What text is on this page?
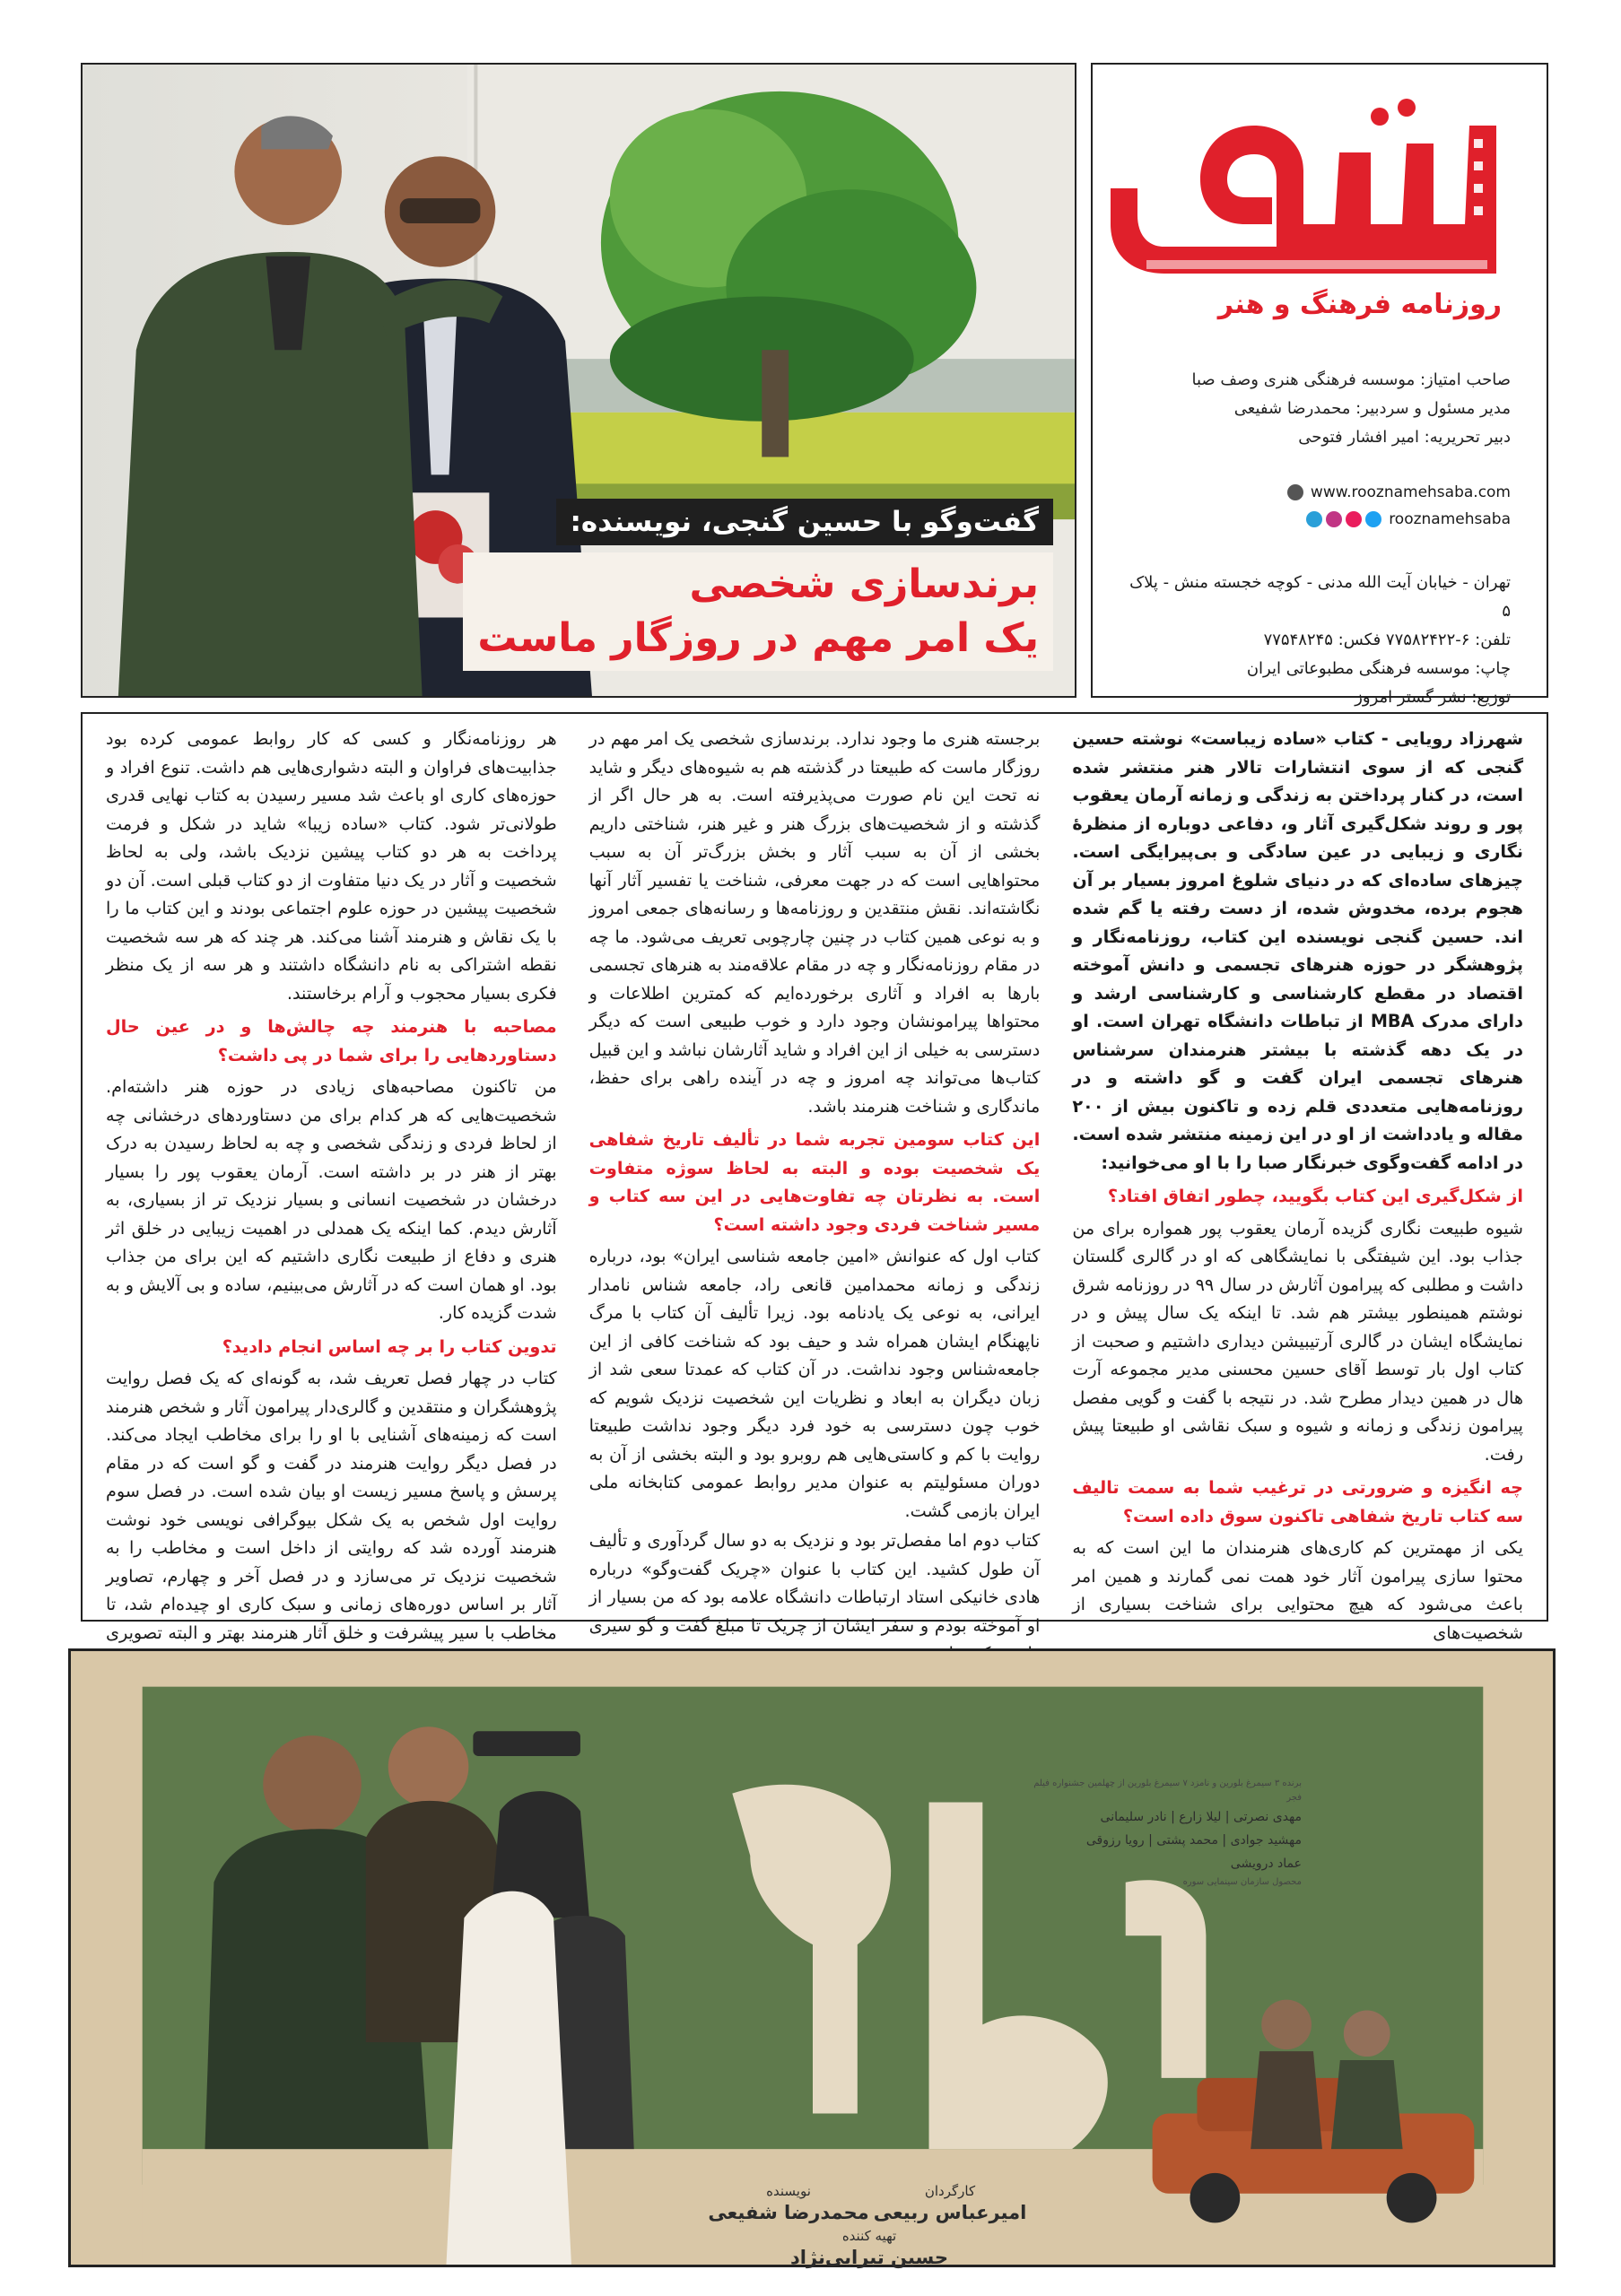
روزنامه فرهنگ و هنر
صاحب امتیاز: موسسه فرهنگی هنری وصف صبا
مدیر مسئول و سردبیر: محمدرضا شفیعی
دبیر تحریریه: امیر افشار فتوحی
www.rooznamehsaba.com
rooznamehsaba
تهران - خیابان آیت الله مدنی - کوچه خجسته منش - پلاک ۵
تلفن: ۶-۷۷۵۸۲۴۲۲ فکس: ۷۷۵۴۸۲۴۵
چاپ: موسسه فرهنگی مطبوعاتی ایران
توزیع: نشر گستر امروز
گفت‌وگو با حسین گنجی، نویسنده:
برندسازی شخصی
یک امر مهم در روزگار ماست

شهرزاد رویایی - کتاب «ساده زیباست» نوشته حسین گنجی که از سوی انتشارات تالار هنر منتشر شده است، در کنار پرداختن به زندگی و زمانه آرمان یعقوب پور و روند شکل‌گیری آثار و، دفاعی دوباره از منظرهٔ نگاری و زیبایی در عین سادگی و بی‌پیرایگی است. چیزهای ساده‌ای که در دنیای شلوغ امروز بسیار بر آن هجوم برده، مخدوش شده، از دست رفته یا گم شده اند. حسین گنجی نویسنده این کتاب، روزنامه‌نگار و پژوهشگر در حوزه هنرهای تجسمی و دانش آموخته اقتصاد در مقطع کارشناسی و کارشناسی ارشد و دارای مدرک MBA از تباطات دانشگاه تهران است. او در یک دهه گذشته با بیشتر هنرمندان سرشناس هنرهای تجسمی ایران گفت و گو داشته و در روزنامه‌هایی متعددی قلم زده و تاکنون بیش از ۲۰۰ مقاله و یادداشت از او در این زمینه منتشر شده است. در ادامه گفت‌وگوی خبرنگار صبا را با او می‌خوانید:

از شکل‌گیری این کتاب بگویید، چطور اتفاق افتاد؟

شیوه طبیعت نگاری گزیده آرمان یعقوب پور همواره برای من جذاب بود. این شیفتگی با نمایشگاهی که او در گالری گلستان داشت و مطلبی که پیرامون آثارش در سال ۹۹ در روزنامه شرق نوشتم همینطور بیشتر هم شد. تا اینکه یک سال پیش و در نمایشگاه ایشان در گالری آرتیبیشن دیداری داشتیم و صحبت از کتاب اول بار توسط آقای حسین محسنی مدیر مجموعه آرت هال در همین دیدار مطرح شد. در نتیجه با گفت و گویی مفصل پیرامون زندگی و زمانه و شیوه و سبک نقاشی او طبیعتا پیش رفت.

چه انگیزه و ضرورتی در ترغیب شما به سمت تالیف سه کتاب تاریخ شفاهی تاکنون سوق داده است؟

یکی از مهمترین کم کاری‌های هنرمندان ما این است که به محتوا سازی پیرامون آثار خود همت نمی گمارند و همین امر باعث می‌شود که هیچ محتوایی برای شناخت بسیاری از شخصیت‌های

برجسته هنری ما وجود ندارد. برندسازی شخصی یک امر مهم در روزگار ماست که طبیعتا در گذشته هم به شیوه‌های دیگر و شاید نه تحت این نام صورت می‌پذیرفته است. به هر حال اگر از گذشته و از شخصیت‌های بزرگ هنر و غیر هنر، شناختی داریم بخشی از آن به سبب آثار و بخش بزرگ‌تر آن به سبب محتواهایی است که در جهت معرفی، شناخت یا تفسیر آثار آنها نگاشته‌اند. نقش منتقدین و روزنامه‌ها و رسانه‌های جمعی امروز و به نوعی همین کتاب در چنین چارچوبی تعریف می‌شود. ما چه در مقام روزنامه‌نگار و چه در مقام علاقه‌مند به هنرهای تجسمی بارها به افراد و آثاری برخورده‌ایم که کمترین اطلاعات و محتواها پیرامونشان وجود دارد و خوب طبیعی است که دیگر دسترسی به خیلی از این افراد و شاید آثارشان نباشد و این قبیل کتاب‌ها می‌تواند چه امروز و چه در آینده راهی برای حفظ، ماندگاری و شناخت هنرمند باشد.

این کتاب سومین تجربه شما در تألیف تاریخ شفاهی یک شخصیت بوده و البته به لحاظ سوژه متفاوت است. به نظرتان چه تفاوت‌هایی در این سه کتاب و مسیر شناخت فردی وجود داشته است؟

کتاب اول که عنوانش «امین جامعه شناسی ایران» بود، درباره زندگی و زمانه محمدامین قانعی راد، جامعه شناس نامدار ایرانی، به نوعی یک یادنامه بود. زیرا تألیف آن کتاب با مرگ ناپهنگام ایشان همراه شد و حیف بود که شناخت کافی از این جامعه‌شناس وجود نداشت. در آن کتاب که عمدتا سعی شد از زبان دیگران به ابعاد و نظریات این شخصیت نزدیک شویم که خوب چون دسترسی به خود فرد دیگر وجود نداشت طبیعتا روایت با کم و کاستی‌هایی هم روبرو بود و البته بخشی از آن به دوران مسئولیتم به عنوان مدیر روابط عمومی کتابخانه ملی ایران بازمی گشت.

کتاب دوم اما مفصل‌تر بود و نزدیک به دو سال گردآوری و تألیف آن طول کشید. این کتاب با عنوان «چریک گفت‌وگو» درباره هادی خانیکی استاد ارتباطات دانشگاه علامه بود که من بسیار از او آموخته بودم و سفر ایشان از چریک تا مبلغ گفت و گو سیری

هر روزنامه‌نگار و کسی که کار روابط عمومی کرده بود جذابیت‌های فراوان و البته دشواری‌هایی هم داشت. تنوع افراد و حوزه‌های کاری او باعث شد مسیر رسیدن به کتاب نهایی قدری طولانی‌تر شود. کتاب «ساده زیبا» شاید در شکل و فرمت پرداخت به هر دو کتاب پیشین نزدیک باشد، ولی به لحاظ شخصیت و آثار در یک دنیا متفاوت از دو کتاب قبلی است. آن دو شخصیت پیشین در حوزه علوم اجتماعی بودند و این کتاب ما را با یک نقاش و هنرمند آشنا می‌کند. هر چند که هر سه شخصیت نقطه اشتراکی به نام دانشگاه داشتند و هر سه از یک منظر فکری بسیار محجوب و آرام برخاستند.

مصاحبه با هنرمند چه چالش‌ها و در عین حال دستاوردهایی را برای شما در پی داشت؟

من تاکنون مصاحبه‌های زیادی در حوزه هنر داشته‌ام. شخصیت‌هایی که هر کدام برای من دستاوردهای درخشانی چه از لحاظ فردی و زندگی شخصی و چه به لحاظ رسیدن به درک بهتر از هنر در بر داشته است. آرمان یعقوب پور را بسیار درخشان در شخصیت انسانی و بسیار نزدیک تر از بسیاری، به آثارش دیدم. کما اینکه یک همدلی در اهمیت زیبایی در خلق اثر هنری و دفاع از طبیعت نگاری داشتیم که این برای من جذاب بود. او همان است که در آثارش می‌بینیم، ساده و بی آلایش و به شدت گزیده کار.

تدوین کتاب را بر چه اساس انجام دادید؟

کتاب در چهار فصل تعریف شد، به گونه‌ای که یک فصل روایت پژوهشگران و منتقدین و گالری‌دار پیرامون آثار و شخص هنرمند است که زمینه‌های آشنایی با او را برای مخاطب ایجاد می‌کند. در فصل دیگر روایت هنرمند در گفت و گو است که در مقام پرسش و پاسخ مسیر زیست او بیان شده است. در فصل سوم روایت اول شخص به یک شکل بیوگرافی نویسی خود نوشت هنرمند آورده شد که روایتی از داخل است و مخاطب را به شخصیت نزدیک تر می‌سازد و در فصل آخر و چهارم، تصاویر آثار بر اساس دوره‌های زمانی و سبک کاری او چیده‌ام شد، تا مخاطب با سیر پیشرفت و خلق آثار هنرمند بهتر و البته تصویری

برنده ۳ سیمرغ بلورین و نامزد ۷ سیمرغ بلورین از چهلمین جشنواره فیلم فجر
مهدی نصرتی | لیلا زارع | نادر سلیمانی
مهشید جوادی | محمد پشتی | رویا رزوقی
عماد درویشی
محصول سازمان سینمایی سوره
کارگردان
امیرعباس ربیعی
نویسنده
محمدرضا شفیعی
تهیه کننده
حسین تبرایی‌نژاد
